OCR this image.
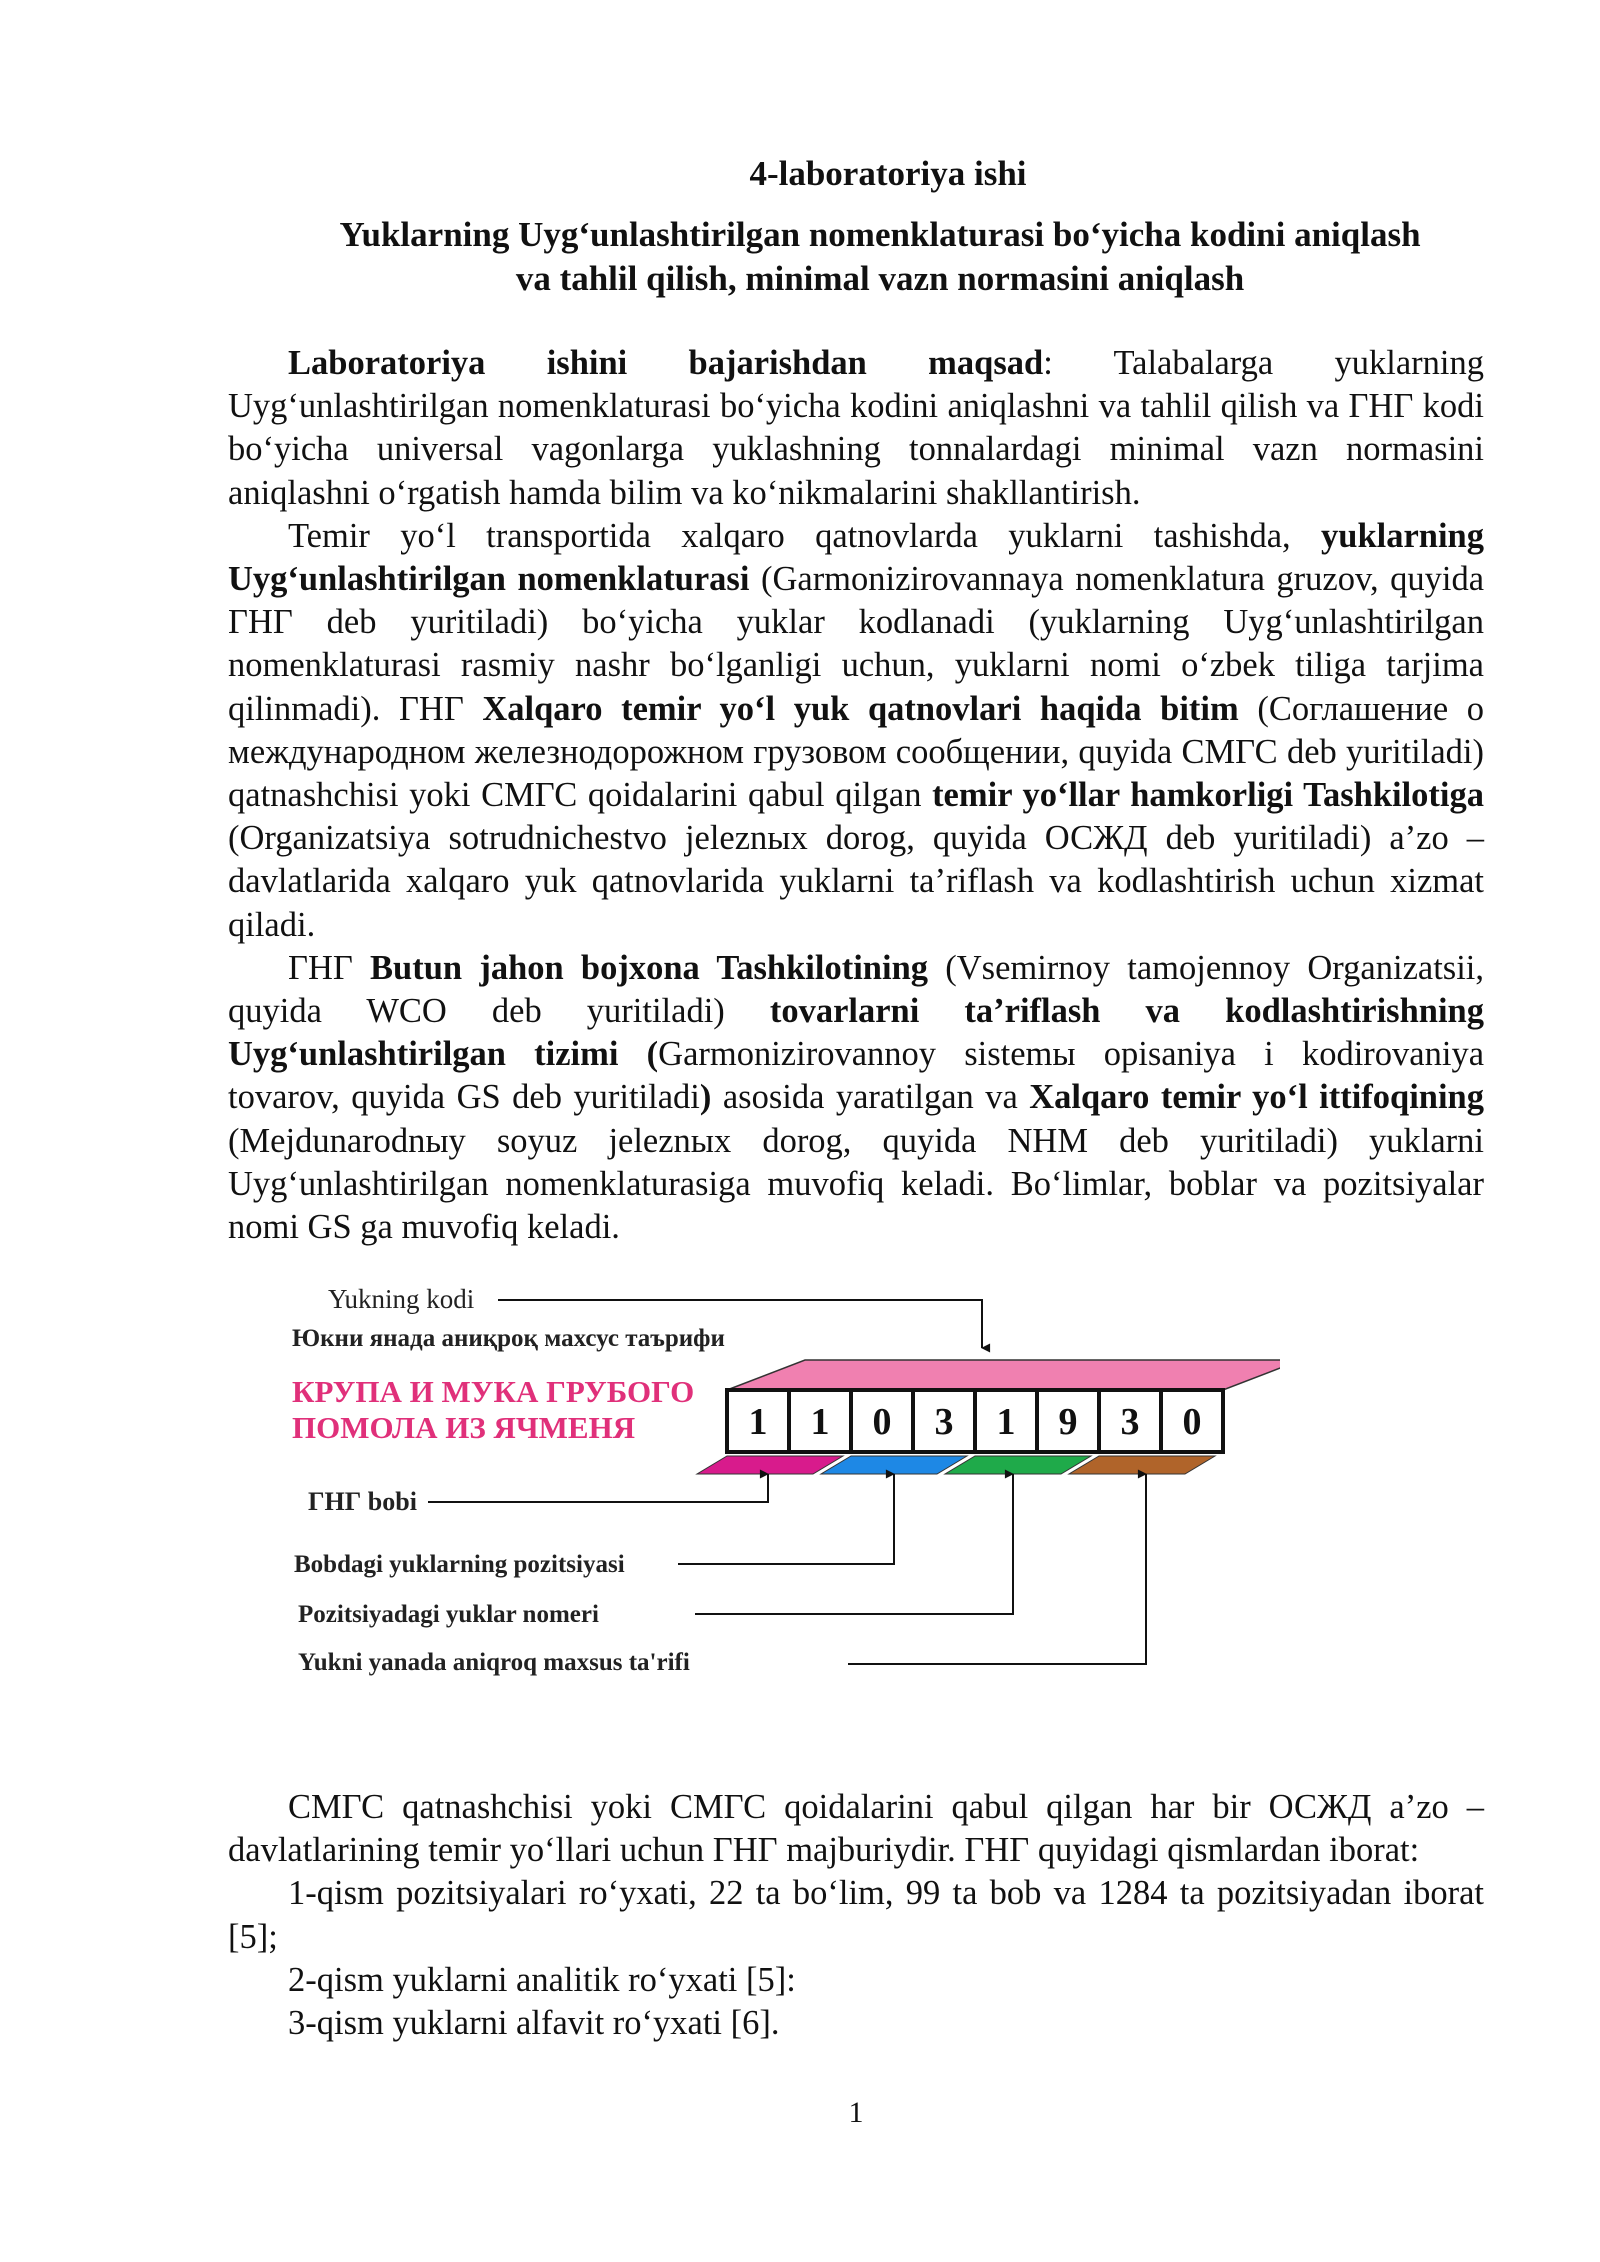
4-laboratoriya ishi
Yuklarning Uyg‘unlashtirilgan nomenklaturasi bo‘yicha kodini aniqlash
va tahlil qilish, minimal vazn normasini aniqlash

Laboratoriya ishini bajarishdan maqsad: Talabalarga yuklarning Uyg‘unlashtirilgan nomenklaturasi bo‘yicha kodini aniqlashni va tahlil qilish va ГНГ kodi bo‘yicha universal vagonlarga yuklashning tonnalardagi minimal vazn normasini aniqlashni o‘rgatish hamda bilim va ko‘nikmalarini shakllantirish.

Temir yo‘l transportida xalqaro qatnovlarda yuklarni tashishda, yuklarning Uyg‘unlashtirilgan nomenklaturasi (Garmonizirovannaya nomenklatura gruzov, quyida ГНГ deb yuritiladi) bo‘yicha yuklar kodlanadi (yuklarning Uyg‘unlashtirilgan nomenklaturasi rasmiy nashr bo‘lganligi uchun, yuklarni nomi o‘zbek tiliga tarjima qilinmadi). ГНГ Xalqaro temir yo‘l yuk qatnovlari haqida bitim (Соглашение о международном железнодорожном грузовом сообщении, quyida СМГС deb yuritiladi) qatnashchisi yoki СМГС qoidalarini qabul qilgan temir yo‘llar hamkorligi Tashkilotiga (Organizatsiya sotrudnichestvo jeleznых dorog, quyida ОСЖД deb yuritiladi) a’zo – davlatlarida xalqaro yuk qatnovlarida yuklarni ta’riflash va kodlashtirish uchun xizmat qiladi.

ГНГ Butun jahon bojxona Tashkilotining (Vsemirnoy tamojennoy Organizatsii, quyida WCO deb yuritiladi) tovarlarni ta’riflash va kodlashtirishning Uyg‘unlashtirilgan tizimi (Garmonizirovannoy sistemы opisaniya i kodirovaniya tovarov, quyida GS deb yuritiladi) asosida yaratilgan va Xalqaro temir yo‘l ittifoqining (Mejdunarodnыy soyuz jeleznых dorog, quyida NHM deb yuritiladi) yuklarni Uyg‘unlashtirilgan nomenklaturasiga muvofiq keladi. Bo‘limlar, boblar va pozitsiyalar nomi GS ga muvofiq keladi.

Yukning kodi
Юкни янада аниқроқ махсус таърифи
КРУПА И МУКА ГРУБОГО
ПОМОЛА ИЗ ЯЧМЕНЯ	1 1 0 3 1 9 3 0
ГНГ bobi
Bobdagi yuklarning pozitsiyasi
Pozitsiyadagi yuklar nomeri
Yukni yanada aniqroq maxsus ta'rifi

СМГС qatnashchisi yoki СМГС qoidalarini qabul qilgan har bir ОСЖД a’zo – davlatlarining temir yo‘llari uchun ГНГ majburiydir. ГНГ quyidagi qismlardan iborat:

1-qism pozitsiyalari ro‘yxati, 22 ta bo‘lim, 99 ta bob va 1284 ta pozitsiyadan iborat [5];

2-qism yuklarni analitik ro‘yxati [5]:

3-qism yuklarni alfavit ro‘yxati [6].

1
